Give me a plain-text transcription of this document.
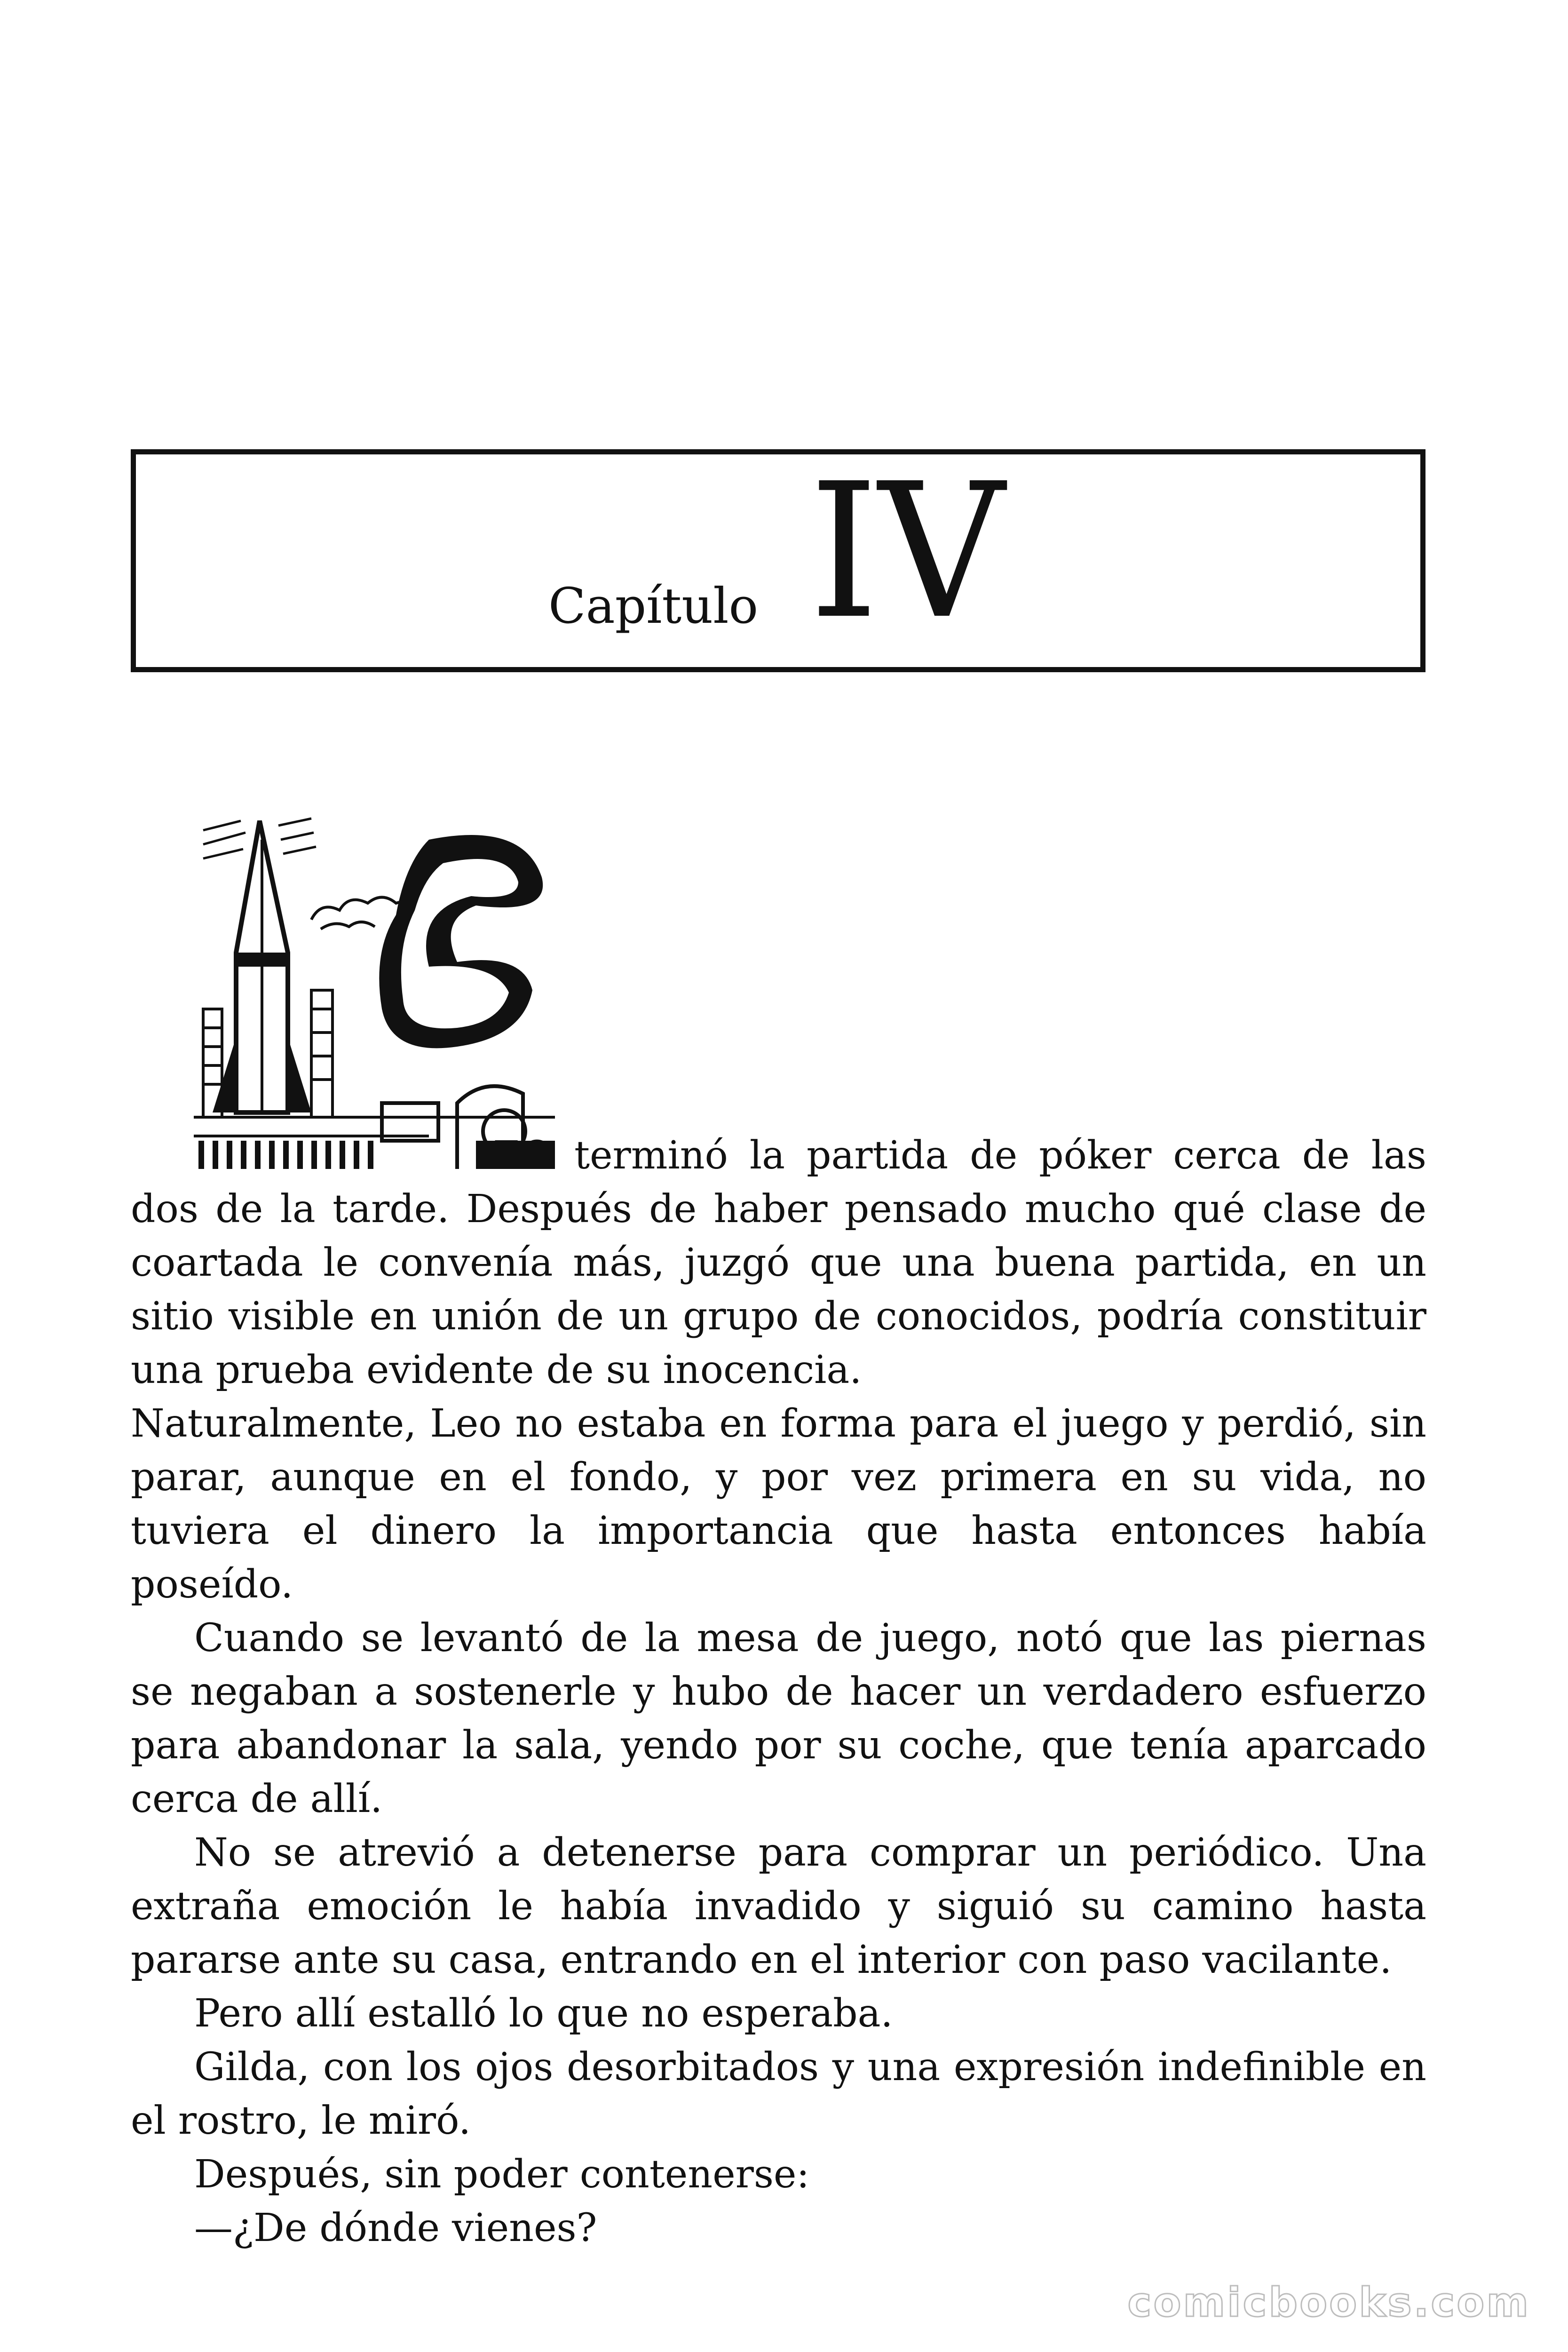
Capítulo IV

EO terminó la partida de póker cerca de las dos de la tarde. Después de haber pensado mucho qué clase de coartada le convenía más, juzgó que una buena partida, en un sitio visible en unión de un grupo de conocidos, podría constituir una prueba evidente de su inocencia.

Naturalmente, Leo no estaba en forma para el juego y perdió, sin parar, aunque en el fondo, y por vez primera en su vida, no tuviera el dinero la importancia que hasta entonces había poseído.

Cuando se levantó de la mesa de juego, notó que las piernas se negaban a sostenerle y hubo de hacer un verdadero esfuerzo para abandonar la sala, yendo por su coche, que tenía aparcado cerca de allí.

No se atrevió a detenerse para comprar un periódico. Una extraña emoción le había invadido y siguió su camino hasta pararse ante su casa, entrando en el interior con paso vacilante.

Pero allí estalló lo que no esperaba.

Gilda, con los ojos desorbitados y una expresión indefinible en el rostro, le miró.

Después, sin poder contenerse:

—¿De dónde vienes?

comicbooks.com
